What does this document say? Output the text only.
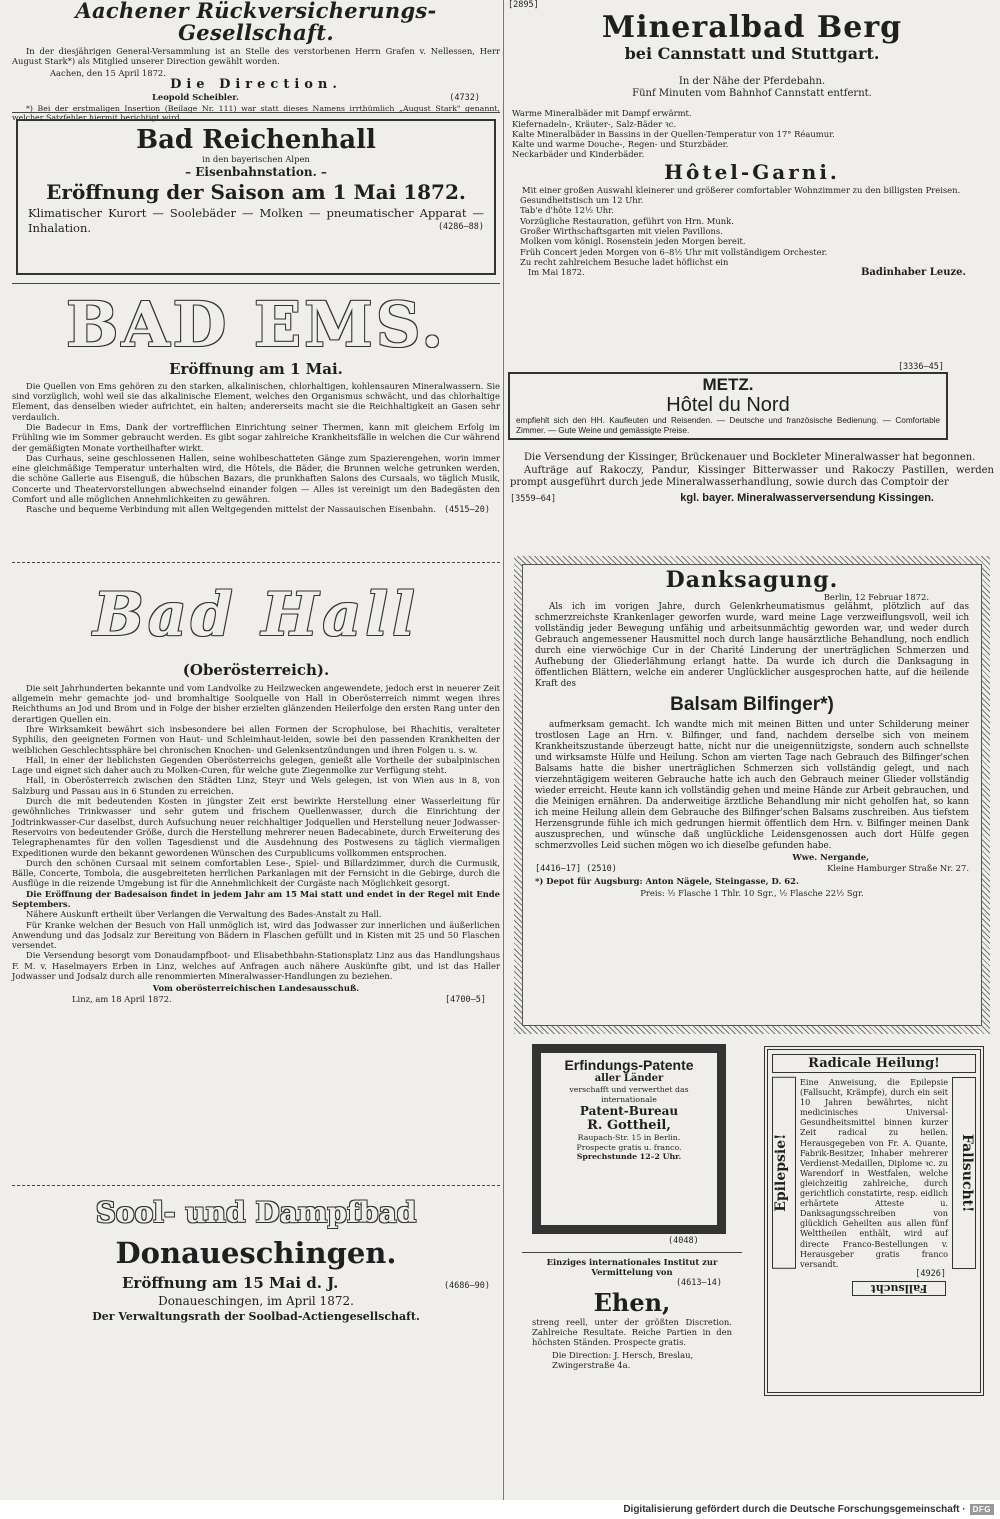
Aachener Rückversicherungs-Gesellschaft.

In der diesjährigen General-Versammlung ist an Stelle des verstorbenen Herrn Grafen v. Nellessen, Herr August Stark*) als Mitglied unserer Direction gewählt worden.

Aachen, den 15 April 1872.
Die Direction.
Leopold Scheibler.	(4732)

*) Bei der erstmaligen Insertion (Beilage Nr. 111) war statt dieses Namens irrthümlich „August Stark" genannt, welcher Satzfehler hiermit berichtigt wird.

Bad Reichenhall
in den bayerischen Alpen
– Eisenbahnstation. –
Eröffnung der Saison am 1 Mai 1872.
Klimatischer Kurort — Soolebäder — Molken — pneumatischer Apparat — Inhalation.	(4286–88)
BAD EMS.
Eröffnung am 1 Mai.

Die Quellen von Ems gehören zu den starken, alkalinischen, chlorhaltigen, kohlensauren Mineralwassern. Sie sind vorzüglich, wohl weil sie das alkalinische Element, welches den Organismus schwächt, und das chlorhaltige Element, das denselben wieder aufrichtet, ein halten; andererseits macht sie die Reichhaltigkeit an Gasen sehr verdaulich.

Die Badecur in Ems, Dank der vortrefflichen Einrichtung seiner Thermen, kann mit gleichem Erfolg im Frühling wie im Sommer gebraucht werden. Es gibt sogar zahlreiche Krankheitsfälle in welchen die Cur während der gemäßigten Monate vortheilhafter wirkt.

Das Curhaus, seine geschlossenen Hallen, seine wohlbeschatteten Gänge zum Spazierengehen, worin immer eine gleichmäßige Temperatur unterhalten wird, die Hôtels, die Bäder, die Brunnen welche getrunken werden, die schöne Gallerie aus Eisenguß, die hübschen Bazars, die prunkhaften Salons des Cursaals, wo täglich Musik, Concerte und Theatervorstellungen abwechselnd einander folgen — Alles ist vereinigt um den Badegästen den Comfort und alle möglichen Annehmlichkeiten zu gewähren.

Rasche und bequeme Verbindung mit allen Weltgegenden mittelst der Nassauischen Eisenbahn. (4515–20)
Bad Hall
(Oberösterreich).

Die seit Jahrhunderten bekannte und vom Landvolke zu Heilzwecken angewendete, jedoch erst in neuerer Zeit allgemein mehr gemachte jod- und bromhaltige Soolquelle von Hall in Oberösterreich nimmt wegen ihres Reichthums an Jod und Brom und in Folge der bisher erzielten glänzenden Heilerfolge den ersten Rang unter den derartigen Quellen ein.

Ihre Wirksamkeit bewährt sich insbesondere bei allen Formen der Scrophulose, bei Rhachitis, veralteter Syphilis, den geeigneten Formen von Haut- und Schleimhaut-leiden, sowie bei den passenden Krankheiten der weiblichen Geschlechtssphäre bei chronischen Knochen- und Gelenksentzündungen und ihren Folgen u. s. w.

Hall, in einer der lieblichsten Gegenden Oberösterreichs gelegen, genießt alle Vortheile der subalpinischen Lage und eignet sich daher auch zu Molken-Curen, für welche gute Ziegenmolke zur Verfügung steht.

Hall, in Oberösterreich zwischen den Städten Linz, Steyr und Wels gelegen, ist von Wien aus in 8, von Salzburg und Passau aus in 6 Stunden zu erreichen.

Durch die mit bedeutenden Kosten in jüngster Zeit erst bewirkte Herstellung einer Wasserleitung für gewöhnliches Trinkwasser und sehr gutem und frischem Quellenwasser, durch die Einrichtung der Jodtrinkwasser-Cur daselbst, durch Aufsuchung neuer reichhaltiger Jodquellen und Herstellung neuer Jodwasser-Reservoirs von bedeutender Größe, durch die Herstellung mehrerer neuen Badecabinete, durch Erweiterung des Telegraphenamtes für den vollen Tagesdienst und die Ausdehnung des Postwesens zu täglich viermaligen Expeditionen wurde den bekannt gewordenen Wünschen des Curpublicums vollkommen entsprochen.

Durch den schönen Cursaal mit seinem comfortablen Lese-, Spiel- und Billardzimmer, durch die Curmusik, Bälle, Concerte, Tombola, die ausgebreiteten herrlichen Parkanlagen mit der Fernsicht in die Gebirge, durch die Ausflüge in die reizende Umgebung ist für die Annehmlichkeit der Curgäste nach Möglichkeit gesorgt.

Die Eröffnung der Badesaison findet in jedem Jahr am 15 Mai statt und endet in der Regel mit Ende Septembers.

Nähere Auskunft ertheilt über Verlangen die Verwaltung des Bades-Anstalt zu Hall.

Für Kranke welchen der Besuch von Hall unmöglich ist, wird das Jodwasser zur innerlichen und äußerlichen Anwendung und das Jodsalz zur Bereitung von Bädern in Flaschen gefüllt und in Kisten mit 25 und 50 Flaschen versendet.

Die Versendung besorgt vom Donaudampfboot- und Elisabethbahn-Stationsplatz Linz aus das Handlungshaus F. M. v. Haselmayers Erben in Linz, welches auf Anfragen auch nähere Auskünfte gibt, und ist das Haller Jodwasser und Jodsalz durch alle renommierten Mineralwasser-Handlungen zu beziehen.

Vom oberösterreichischen Landesausschuß.
Linz, am 18 April 1872.	[4700–5]
Sool- und Dampfbad
Donaueschingen.
Eröffnung am 15 Mai d. J.	(4686–90)
Donaueschingen, im April 1872.
Der Verwaltungsrath der Soolbad-Actiengesellschaft.
[2895]
Mineralbad Berg
bei Cannstatt und Stuttgart.
In der Nähe der Pferdebahn.
Fünf Minuten vom Bahnhof Cannstatt entfernt.
Warme Mineralbäder mit Dampf erwärmt.
Kiefernadeln-, Kräuter-, Salz-Bäder ꝛc.
Kalte Mineralbäder in Bassins in der Quellen-Temperatur von 17° Réaumur.
Kalte und warme Douche-, Regen- und Sturzbäder.
Neckarbäder und Kinderbäder.
Hôtel-Garni.

Mit einer großen Auswahl kleinerer und größerer comfortabler Wohnzimmer zu den billigsten Preisen.

Gesundheitstisch um 12 Uhr.
Tab'e d'hôte 12½ Uhr.
Vorzügliche Restauration, geführt von Hrn. Munk.
Großer Wirthschaftsgarten mit vielen Pavillons.
Molken vom königl. Rosenstein jeden Morgen bereit.
Früh Concert jeden Morgen von 6–8½ Uhr mit vollständigem Orchester.
Zu recht zahlreichem Besuche ladet höflichst ein
Im Mai 1872.	Badinhaber Leuze.
[3336–45]
METZ.
Hôtel du Nord
empfiehlt sich den HH. Kaufleuten und Reisenden. — Deutsche und französische Bedienung. — Comfortable Zimmer. — Gute Weine und gemässigte Preise.

Die Versendung der Kissinger, Brückenauer und Bockleter Mineralwasser hat begonnen.

Aufträge auf Rakoczy, Pandur, Kissinger Bitterwasser und Rakoczy Pastillen, werden prompt ausgeführt durch jede Mineralwasserhandlung, sowie durch das Comptoir der

[3559–64]	kgl. bayer. Mineralwasserversendung Kissingen.
Danksagung.
Berlin, 12 Februar 1872.

Als ich im vorigen Jahre, durch Gelenkrheumatismus gelähmt, plötzlich auf das schmerzreichste Krankenlager geworfen wurde, ward meine Lage verzweiflungsvoll, weil ich vollständig jeder Bewegung unfähig und arbeitsunmächtig geworden war, und weder durch Gebrauch angemessener Hausmittel noch durch lange hausärztliche Behandlung, noch endlich durch eine vierwöchige Cur in der Charité Linderung der unerträglichen Schmerzen und Aufhebung der Gliederlähmung erlangt hatte. Da wurde ich durch die Danksagung in öffentlichen Blättern, welche ein anderer Unglücklicher ausgesprochen hatte, auf die heilende Kraft des

Balsam Bilfinger*)

aufmerksam gemacht. Ich wandte mich mit meinen Bitten und unter Schilderung meiner trostlosen Lage an Hrn. v. Bilfinger, und fand, nachdem derselbe sich von meinem Krankheitszustande überzeugt hatte, nicht nur die uneigennützigste, sondern auch schnellste und wirksamste Hülfe und Heilung. Schon am vierten Tage nach Gebrauch des Bilfinger'schen Balsams hatte die bisher unerträglichen Schmerzen sich vollständig gelegt, und nach vierzehntägigem weiteren Gebrauche hatte ich auch den Gebrauch meiner Glieder vollständig wieder erreicht. Heute kann ich vollständig gehen und meine Hände zur Arbeit gebrauchen, und die Meinigen ernähren. Da anderweitige ärztliche Behandlung mir nicht geholfen hat, so kann ich meine Heilung allein dem Gebrauche des Bilfinger'schen Balsams zuschreiben. Aus tiefstem Herzensgrunde fühle ich mich gedrungen hiermit öffentlich dem Hrn. v. Bilfinger meinen Dank auszusprechen, und wünsche daß unglückliche Leidensgenossen auch dort Hülfe gegen schmerzvolles Leid suchen mögen wo ich dieselbe gefunden habe.

Wwe. Nergande,
[4416–17] (2510)	Kleine Hamburger Straße Nr. 27.
*) Depot für Augsburg: Anton Nägele, Steingasse, D. 62.
Preis: ½ Flasche 1 Thlr. 10 Sgr., ½ Flasche 22½ Sgr.
Erfindungs-Patente
aller Länder
verschafft und verwerthet das
internationale
Patent-Bureau
R. Gottheil,
Raupach-Str. 15 in Berlin.
Prospecte gratis u. franco.
Sprechstunde 12–2 Uhr.
(4048)
Einziges internationales Institut zur Vermittelung von
(4613–14)
Ehen,
streng reell, unter der größten Discretion. Zahlreiche Resultate. Reiche Partien in den höchsten Ständen. Prospecte gratis.
Die Direction: J. Hersch, Breslau, Zwingerstraße 4a.
Radicale Heilung!
Epilepsie!
Eine Anweisung, die Epilepsie (Fallsucht, Krämpfe), durch ein seit 10 Jahren bewährtes, nicht medicinisches Universal-Gesundheitsmittel binnen kurzer Zeit radical zu heilen. Herausgegeben von Fr. A. Quante, Fabrik-Besitzer, Inhaber mehrerer Verdienst-Medaillen, Diplome ꝛc. zu Warendorf in Westfalen, welche gleichzeitig zahlreiche, durch gerichtlich constatirte, resp. eidlich erhärtete Atteste u. Danksagungsschreiben von glücklich Geheilten aus allen fünf Welttheilen enthält, wird auf directe Franco-Bestellungen v. Herausgeber gratis franco versandt.
Fallsucht!
[4926]
Fallsucht
Digitalisierung gefördert durch die Deutsche Forschungsgemeinschaft · DFG
